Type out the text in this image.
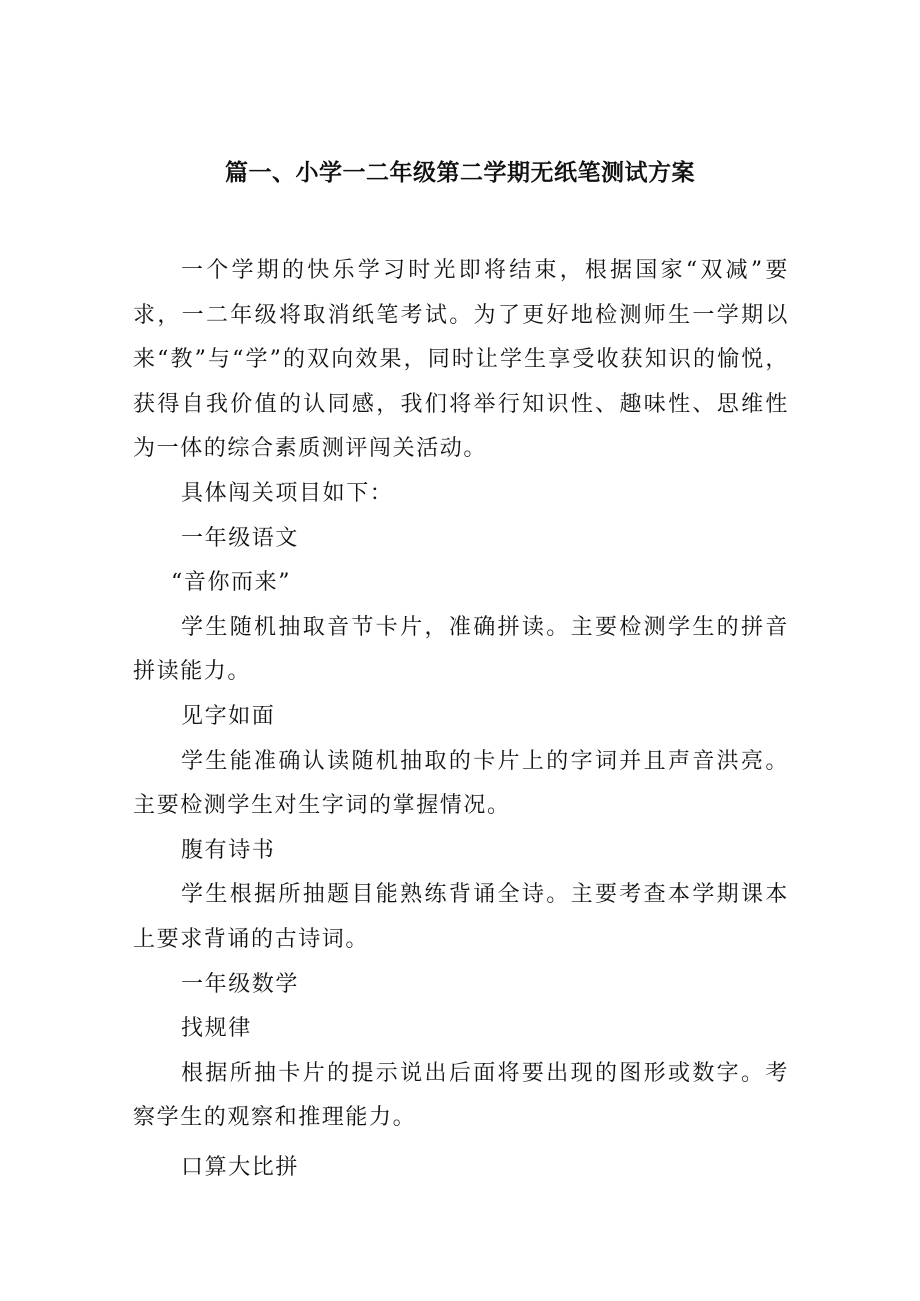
篇一、小学一二年级第二学期无纸笔测试方案

一个学期的快乐学习时光即将结束，根据国家“双减”要求，一二年级将取消纸笔考试。为了更好地检测师生一学期以来“教”与“学”的双向效果，同时让学生享受收获知识的愉悦，获得自我价值的认同感，我们将举行知识性、趣味性、思维性为一体的综合素质测评闯关活动。

具体闯关项目如下：

一年级语文

“音你而来”

学生随机抽取音节卡片，准确拼读。主要检测学生的拼音拼读能力。

见字如面

学生能准确认读随机抽取的卡片上的字词并且声音洪亮。主要检测学生对生字词的掌握情况。

腹有诗书

学生根据所抽题目能熟练背诵全诗。主要考查本学期课本上要求背诵的古诗词。

一年级数学

找规律

根据所抽卡片的提示说出后面将要出现的图形或数字。考察学生的观察和推理能力。

口算大比拼
